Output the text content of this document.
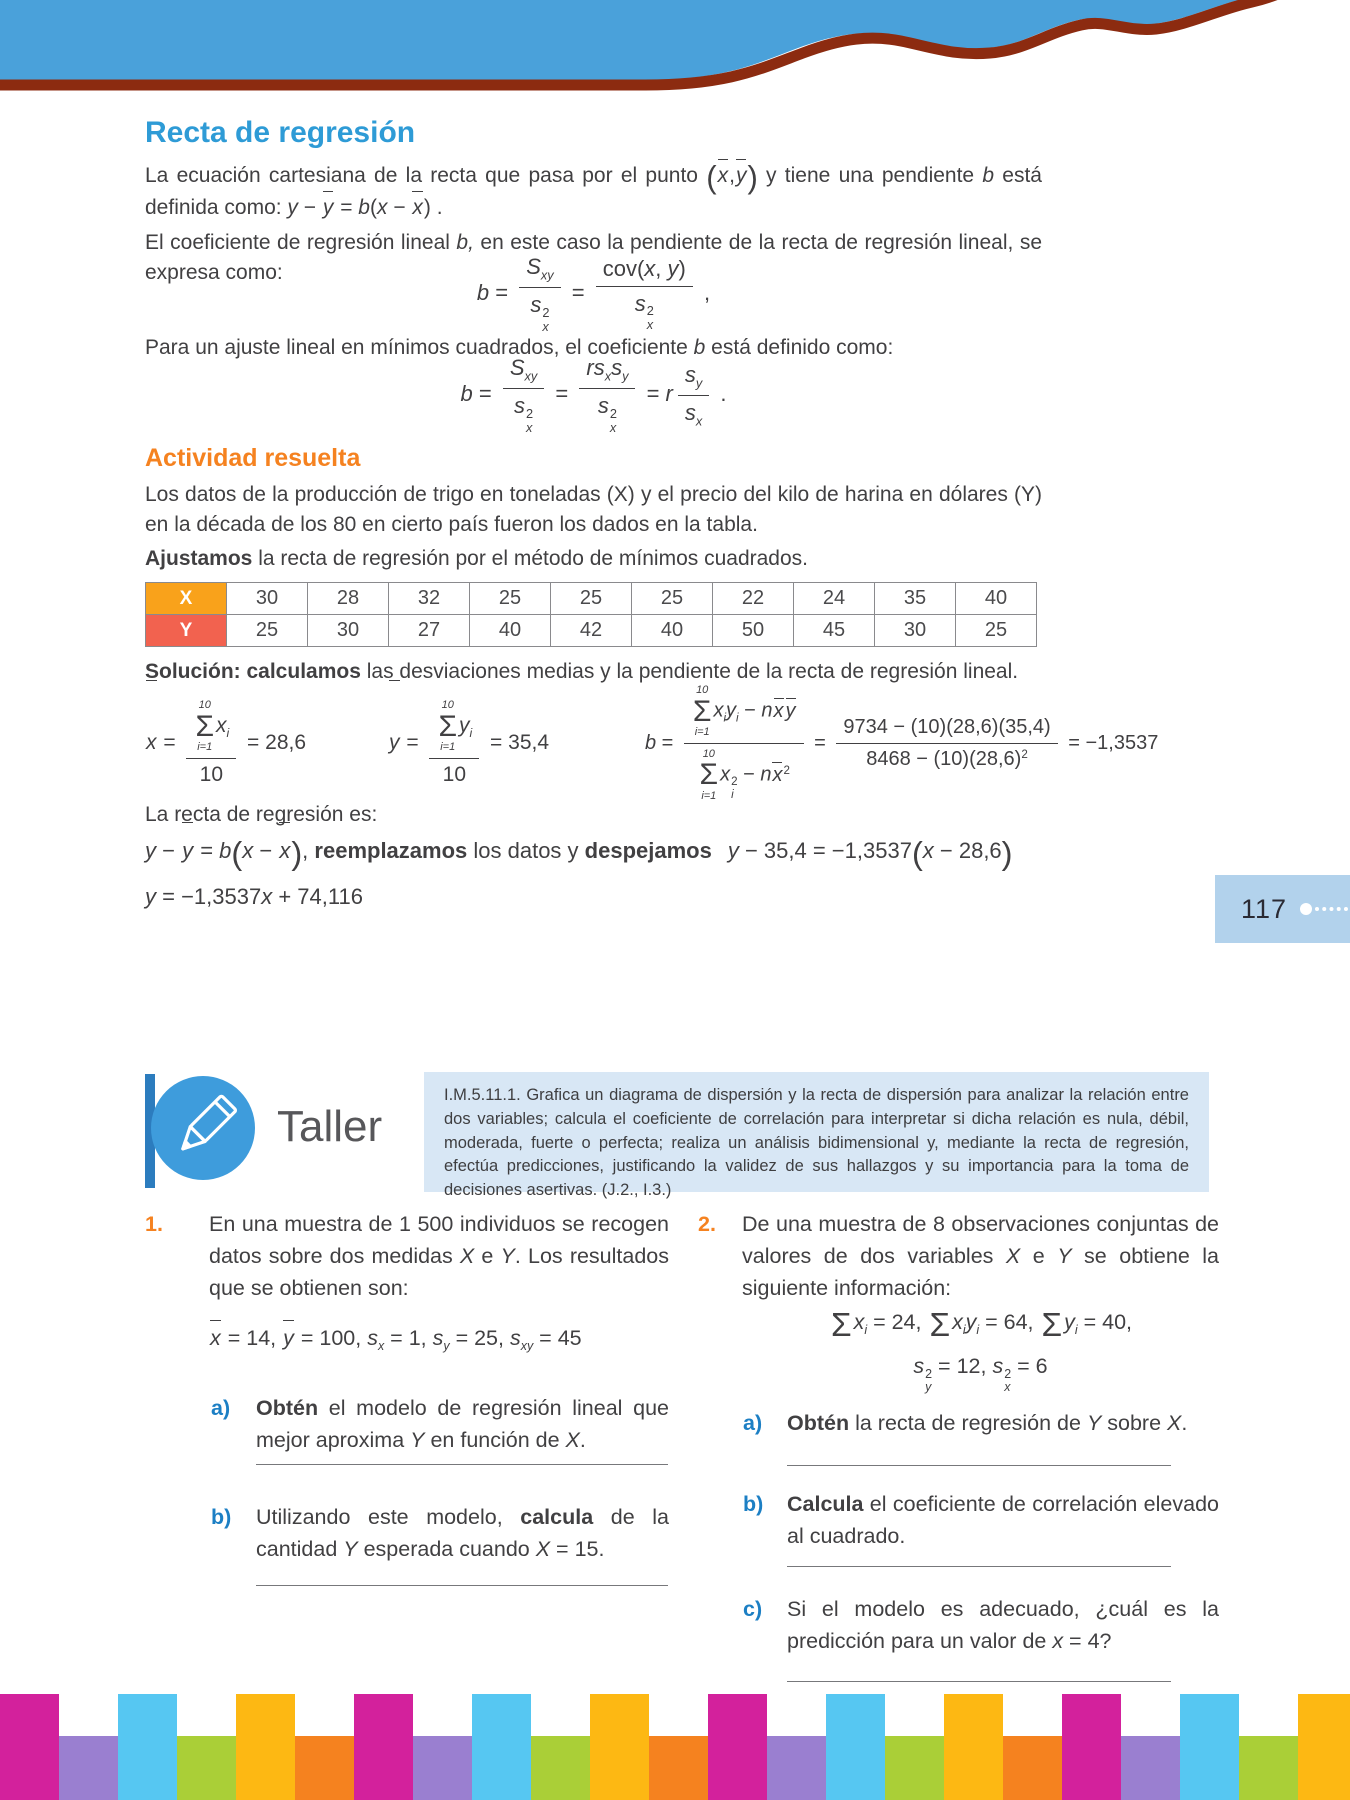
Recta de regresión

La ecuación cartesiana de la recta que pasa por el punto (x,y) y tiene una pendiente b está definida como: y − y = b(x − x) .

El coeficiente de regresión lineal b, en este caso la pendiente de la recta de regresión lineal, se expresa como:

b =
$S_{xy}$
s 2
x
=
cov(x, y)
s 2
x
,

Para un ajuste lineal en mínimos cuadrados, el coeficiente b está definido como:

b =
$S_{xy}$
s 2
x
=
$rs_xs_y$
s 2
x
= r $\frac{s_y}{s_x}$ .
Actividad resuelta

Los datos de la producción de trigo en toneladas (X) y el precio del kilo de harina en dólares (Y) en la década de los 80 en cierto país fueron los dados en la tabla.

Ajustamos la recta de regresión por el método de mínimos cuadrados.

X	30	28	32	25	25	25	22	24	35	40
Y	25	30	27	40	42	40	50	45	30	25

Solución: calculamos las desviaciones medias y la pendiente de la recta de regresión lineal.

x = 10
Σ
i=1
$x_i$
10 = 28,6	y = 10
Σ
i=1
$y_i$
10 = 35,4	b =
10
Σ
i=1
$x_iy_i$ − nx y
10
Σ
i=1
x 2
i
− $nx^2$
= $\frac{9734 - (10)(28,6)(35,4)}{8468 - (10)(28,6)^2} = -1,3537$

La recta de regresión es:

y − y = b(x − x), reemplazamos los datos y despejamos y − 35,4 = −1,3537(x − 28,6)
y = −1,3537x + 74,116	117
Taller

I.M.5.11.1. Grafica un diagrama de dispersión y la recta de dispersión para analizar la relación entre dos variables; calcula el coeficiente de correlación para interpretar si dicha relación es nula, débil, moderada, fuerte o perfecta; realiza un análisis bidimensional y, mediante la recta de regresión, efectúa predicciones, justificando la validez de sus hallazgos y su importancia para la toma de decisiones asertivas. (J.2., I.3.)

1.	En una muestra de 1 500 individuos se recogen datos sobre dos medidas X e Y. Los resultados que se obtienen son:

x = 14, y = 100, $s_x = 1$, $s_y = 25$, $s_{xy} = 45$
a)	Obtén el modelo de regresión lineal que mejor aproxima Y en función de X.

b)	Utilizando este modelo, calcula de la cantidad Y esperada cuando X = 15.

2.	De una muestra de 8 observaciones conjuntas de valores de dos variables X e Y se obtiene la siguiente información:

$\Sigma x_i = 24$, $\Sigma x_iy_i = 64$, $\Sigma y_i = 40$,
s 2
y
= 12, s 2
x
= 6
a)	Obtén la recta de regresión de Y sobre X.

b)	Calcula el coeficiente de correlación elevado al cuadrado.

c)	Si el modelo es adecuado, ¿cuál es la predicción para un valor de x = 4?
